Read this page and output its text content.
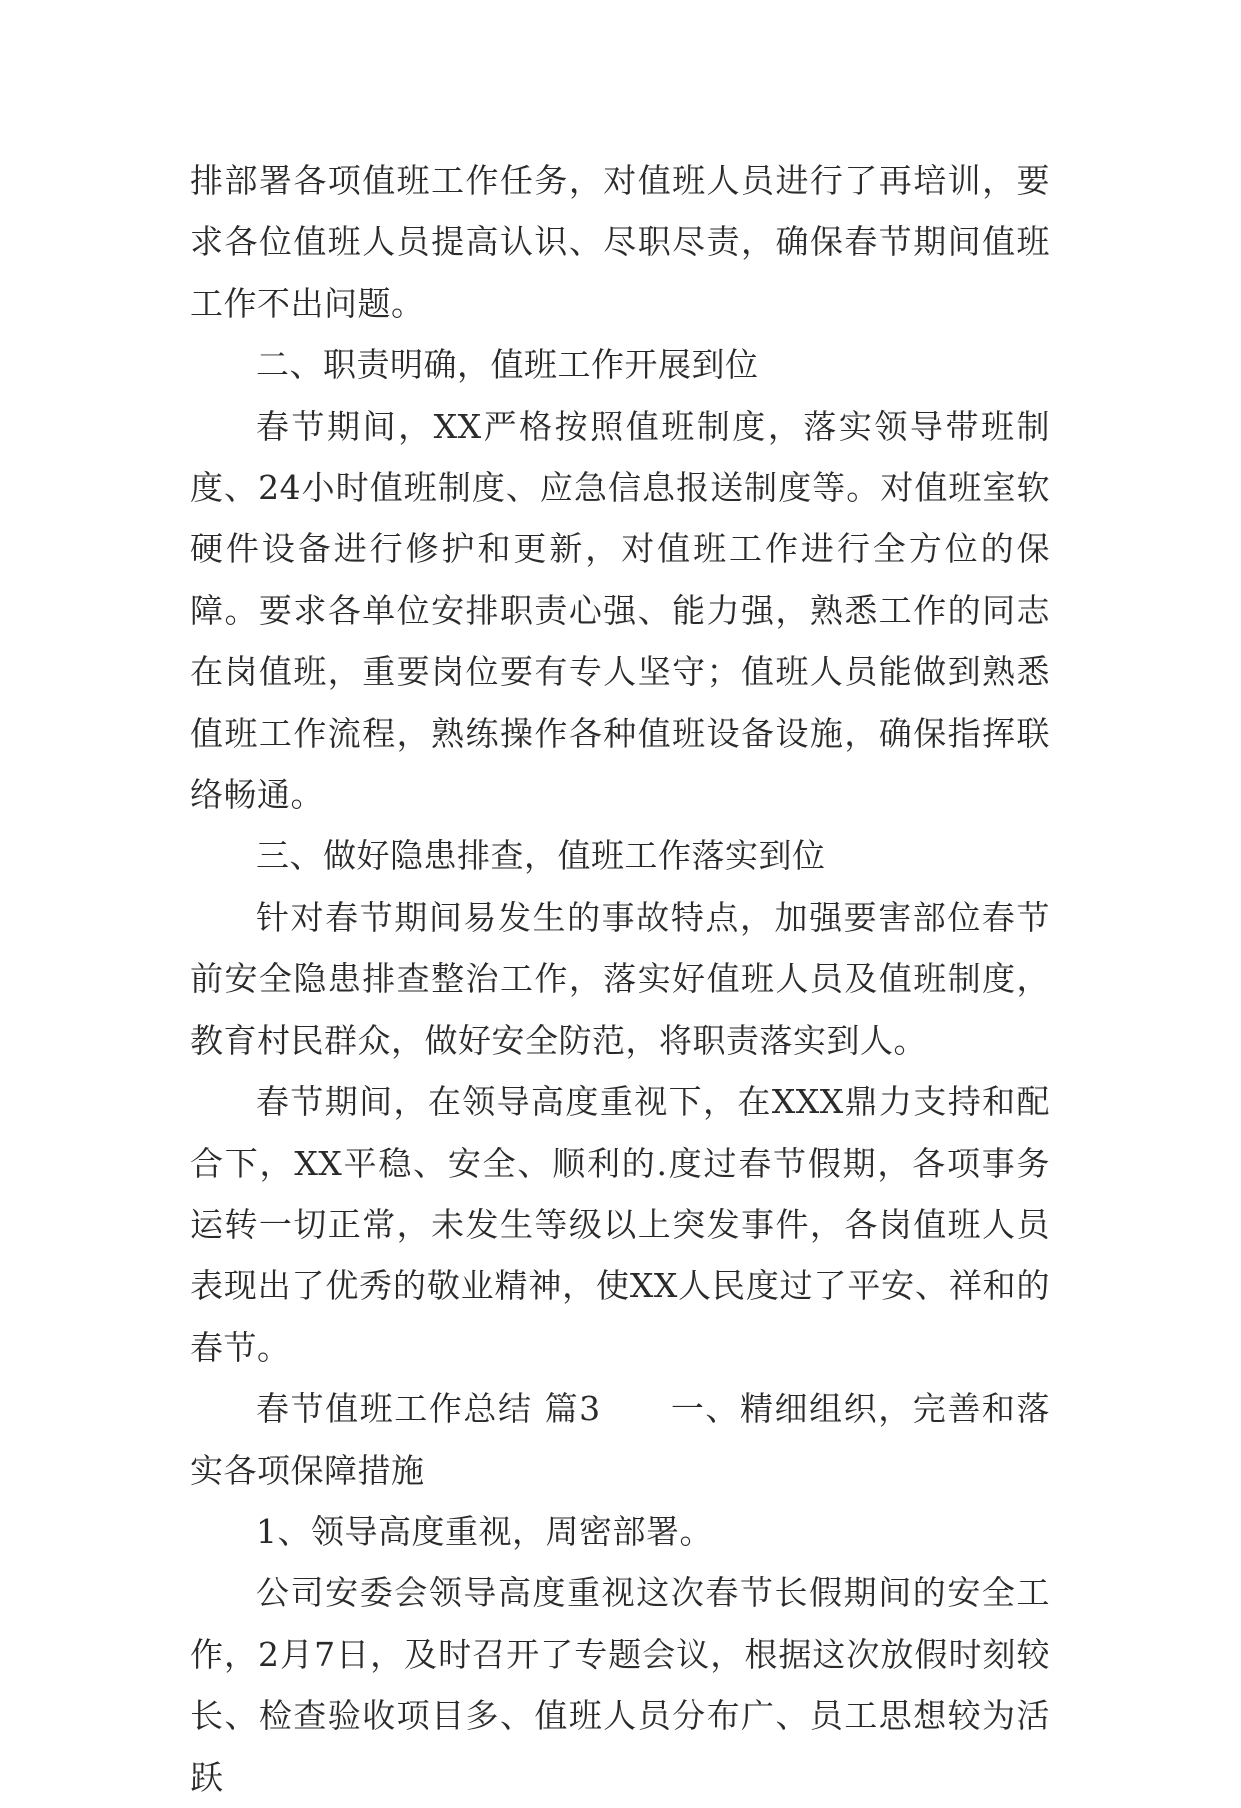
排部署各项值班工作任务，对值班人员进行了再培训，要求各位值班人员提高认识、尽职尽责，确保春节期间值班工作不出问题。

二、职责明确，值班工作开展到位

春节期间，XX严格按照值班制度，落实领导带班制度、24小时值班制度、应急信息报送制度等。对值班室软硬件设备进行修护和更新，对值班工作进行全方位的保障。要求各单位安排职责心强、能力强，熟悉工作的同志在岗值班，重要岗位要有专人坚守；值班人员能做到熟悉值班工作流程，熟练操作各种值班设备设施，确保指挥联络畅通。

三、做好隐患排查，值班工作落实到位

针对春节期间易发生的事故特点，加强要害部位春节前安全隐患排查整治工作，落实好值班人员及值班制度，教育村民群众，做好安全防范，将职责落实到人。

春节期间，在领导高度重视下，在XXX鼎力支持和配合下，XX平稳、安全、顺利的.度过春节假期，各项事务运转一切正常，未发生等级以上突发事件，各岗值班人员表现出了优秀的敬业精神，使XX人民度过了平安、祥和的春节。

春节值班工作总结 篇3　　一、精细组织，完善和落实各项保障措施

1、领导高度重视，周密部署。

公司安委会领导高度重视这次春节长假期间的安全工作，2月7日，及时召开了专题会议，根据这次放假时刻较长、检查验收项目多、值班人员分布广、员工思想较为活跃
